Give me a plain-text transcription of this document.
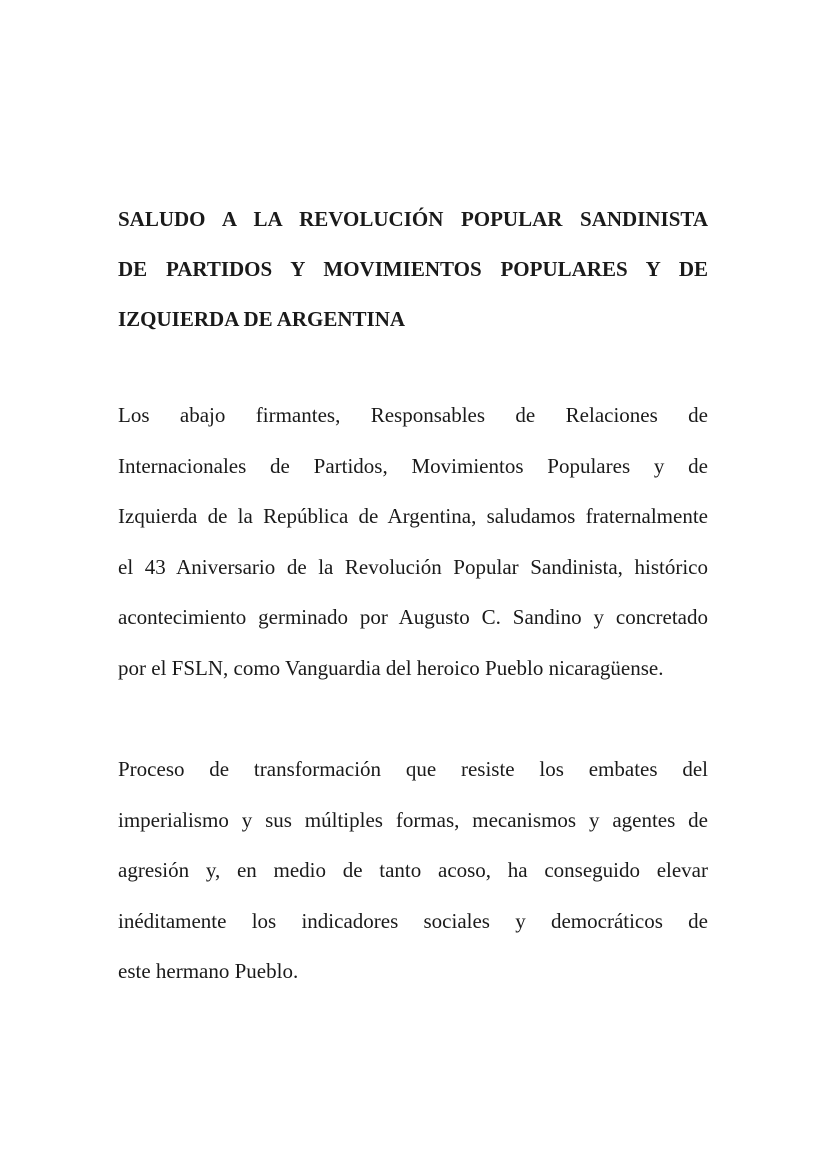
SALUDO A LA REVOLUCIÓN POPULAR SANDINISTA
DE PARTIDOS Y MOVIMIENTOS POPULARES Y DE
IZQUIERDA DE ARGENTINA

Los abajo firmantes, Responsables de Relaciones de
Internacionales de Partidos, Movimientos Populares y de
Izquierda de la República de Argentina, saludamos fraternalmente
el 43 Aniversario de la Revolución Popular Sandinista, histórico
acontecimiento germinado por Augusto C. Sandino y concretado
por el FSLN, como Vanguardia del heroico Pueblo nicaragüense.

Proceso de transformación que resiste los embates del
imperialismo y sus múltiples formas, mecanismos y agentes de
agresión y, en medio de tanto acoso, ha conseguido elevar
inéditamente los indicadores sociales y democráticos de
este hermano Pueblo.
